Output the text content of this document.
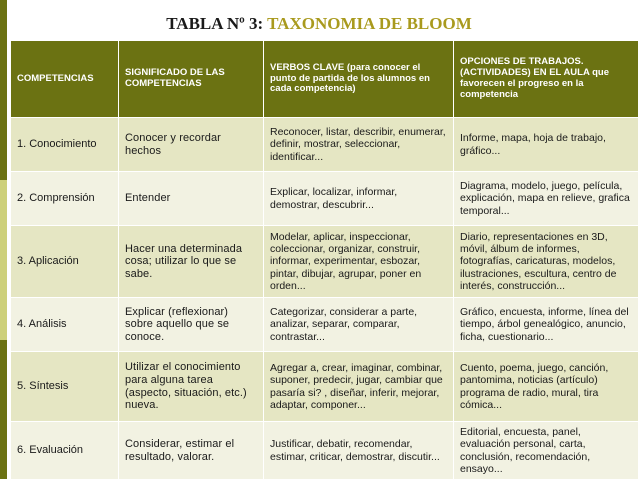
TABLA Nº 3: TAXONOMIA DE BLOOM
COMPETENCIAS	SIGNIFICADO DE LAS COMPETENCIAS	VERBOS CLAVE (para conocer el punto de partida de los alumnos en cada competencia)	OPCIONES DE TRABAJOS. (ACTIVIDADES) EN EL AULA que favorecen el progreso en la competencia
1. Conocimiento	Conocer y recordar hechos	Reconocer, listar, describir, enumerar, definir, mostrar, seleccionar, identificar...	Informe, mapa, hoja de trabajo, gráfico...
2. Comprensión	Entender	Explicar, localizar, informar, demostrar, descubrir...	Diagrama, modelo, juego, película, explicación, mapa en relieve, grafica temporal...
3. Aplicación	Hacer una determinada cosa; utilizar lo que se sabe.	Modelar, aplicar, inspeccionar, coleccionar, organizar, construir, informar, experimentar, esbozar, pintar, dibujar, agrupar, poner en orden...	Diario, representaciones en 3D, móvil, álbum de informes, fotografías, caricaturas, modelos, ilustraciones, escultura, centro de interés, construcción...
4. Análisis	Explicar (reflexionar) sobre aquello que se conoce.	Categorizar, considerar a parte, analizar, separar, comparar, contrastar...	Gráfico, encuesta, informe, línea del tiempo, árbol genealógico, anuncio, ficha, cuestionario...
5. Síntesis	Utilizar el conocimiento para alguna tarea (aspecto, situación, etc.) nueva.	Agregar a, crear, imaginar, combinar, suponer, predecir, jugar, cambiar que pasaría si? , diseñar, inferir, mejorar, adaptar, componer...	Cuento, poema, juego, canción, pantomima, noticias (artículo) programa de radio, mural, tira cómica...
6. Evaluación	Considerar, estimar el resultado, valorar.	Justificar, debatir, recomendar, estimar, criticar, demostrar, discutir...	Editorial, encuesta, panel, evaluación personal, carta, conclusión, recomendación, ensayo...
